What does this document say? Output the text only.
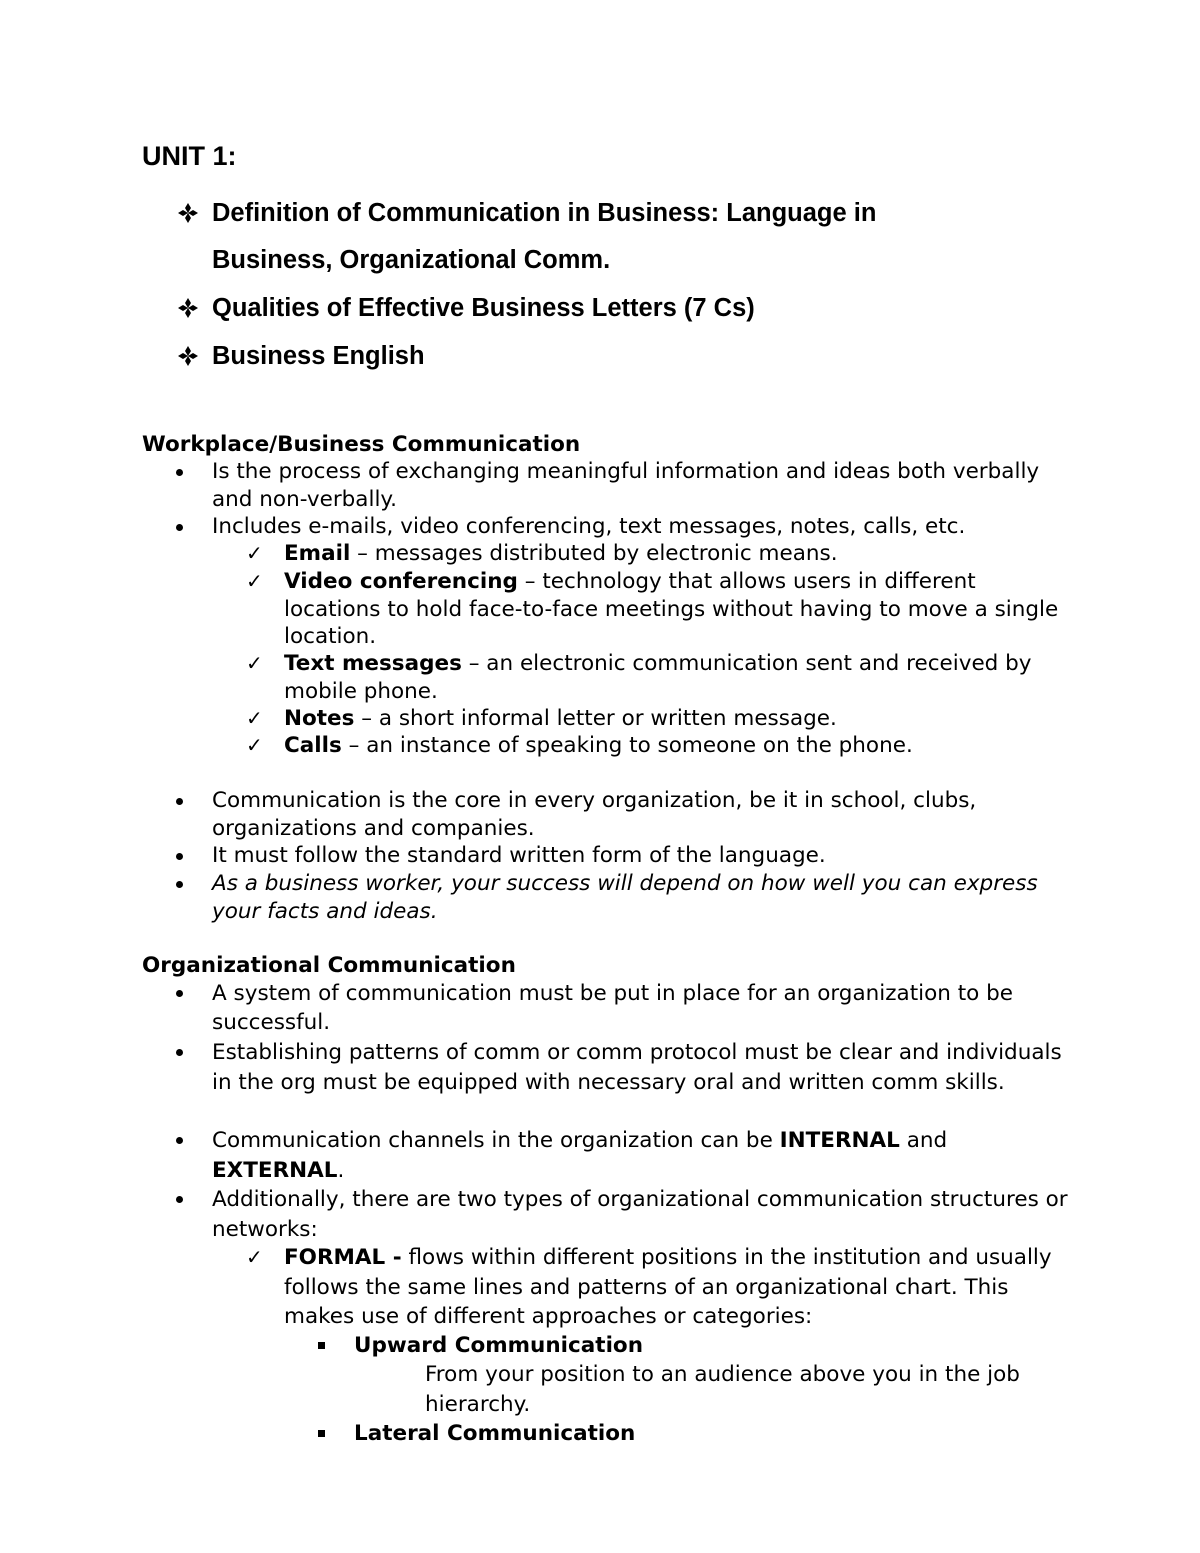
UNIT 1:
Definition of Communication in Business: Language in
Business, Organizational Comm.
Qualities of Effective Business Letters (7 Cs)
Business English
Workplace/Business Communication
Is the process of exchanging meaningful information and ideas both verbally and non-verbally.
Includes e-mails, video conferencing, text messages, notes, calls, etc.
✓ Email – messages distributed by electronic means.
✓ Video conferencing – technology that allows users in different locations to hold face-to-face meetings without having to move a single location.
✓ Text messages – an electronic communication sent and received by mobile phone.
✓ Notes – a short informal letter or written message.
✓ Calls – an instance of speaking to someone on the phone.
Communication is the core in every organization, be it in school, clubs, organizations and companies.
It must follow the standard written form of the language.
As a business worker, your success will depend on how well you can express your facts and ideas.
Organizational Communication
A system of communication must be put in place for an organization to be successful.
Establishing patterns of comm or comm protocol must be clear and individuals in the org must be equipped with necessary oral and written comm skills.
Communication channels in the organization can be INTERNAL and EXTERNAL.
Additionally, there are two types of organizational communication structures or networks:
✓ FORMAL - flows within different positions in the institution and usually follows the same lines and patterns of an organizational chart. This makes use of different approaches or categories:
Upward Communication
From your position to an audience above you in the job hierarchy.
Lateral Communication
